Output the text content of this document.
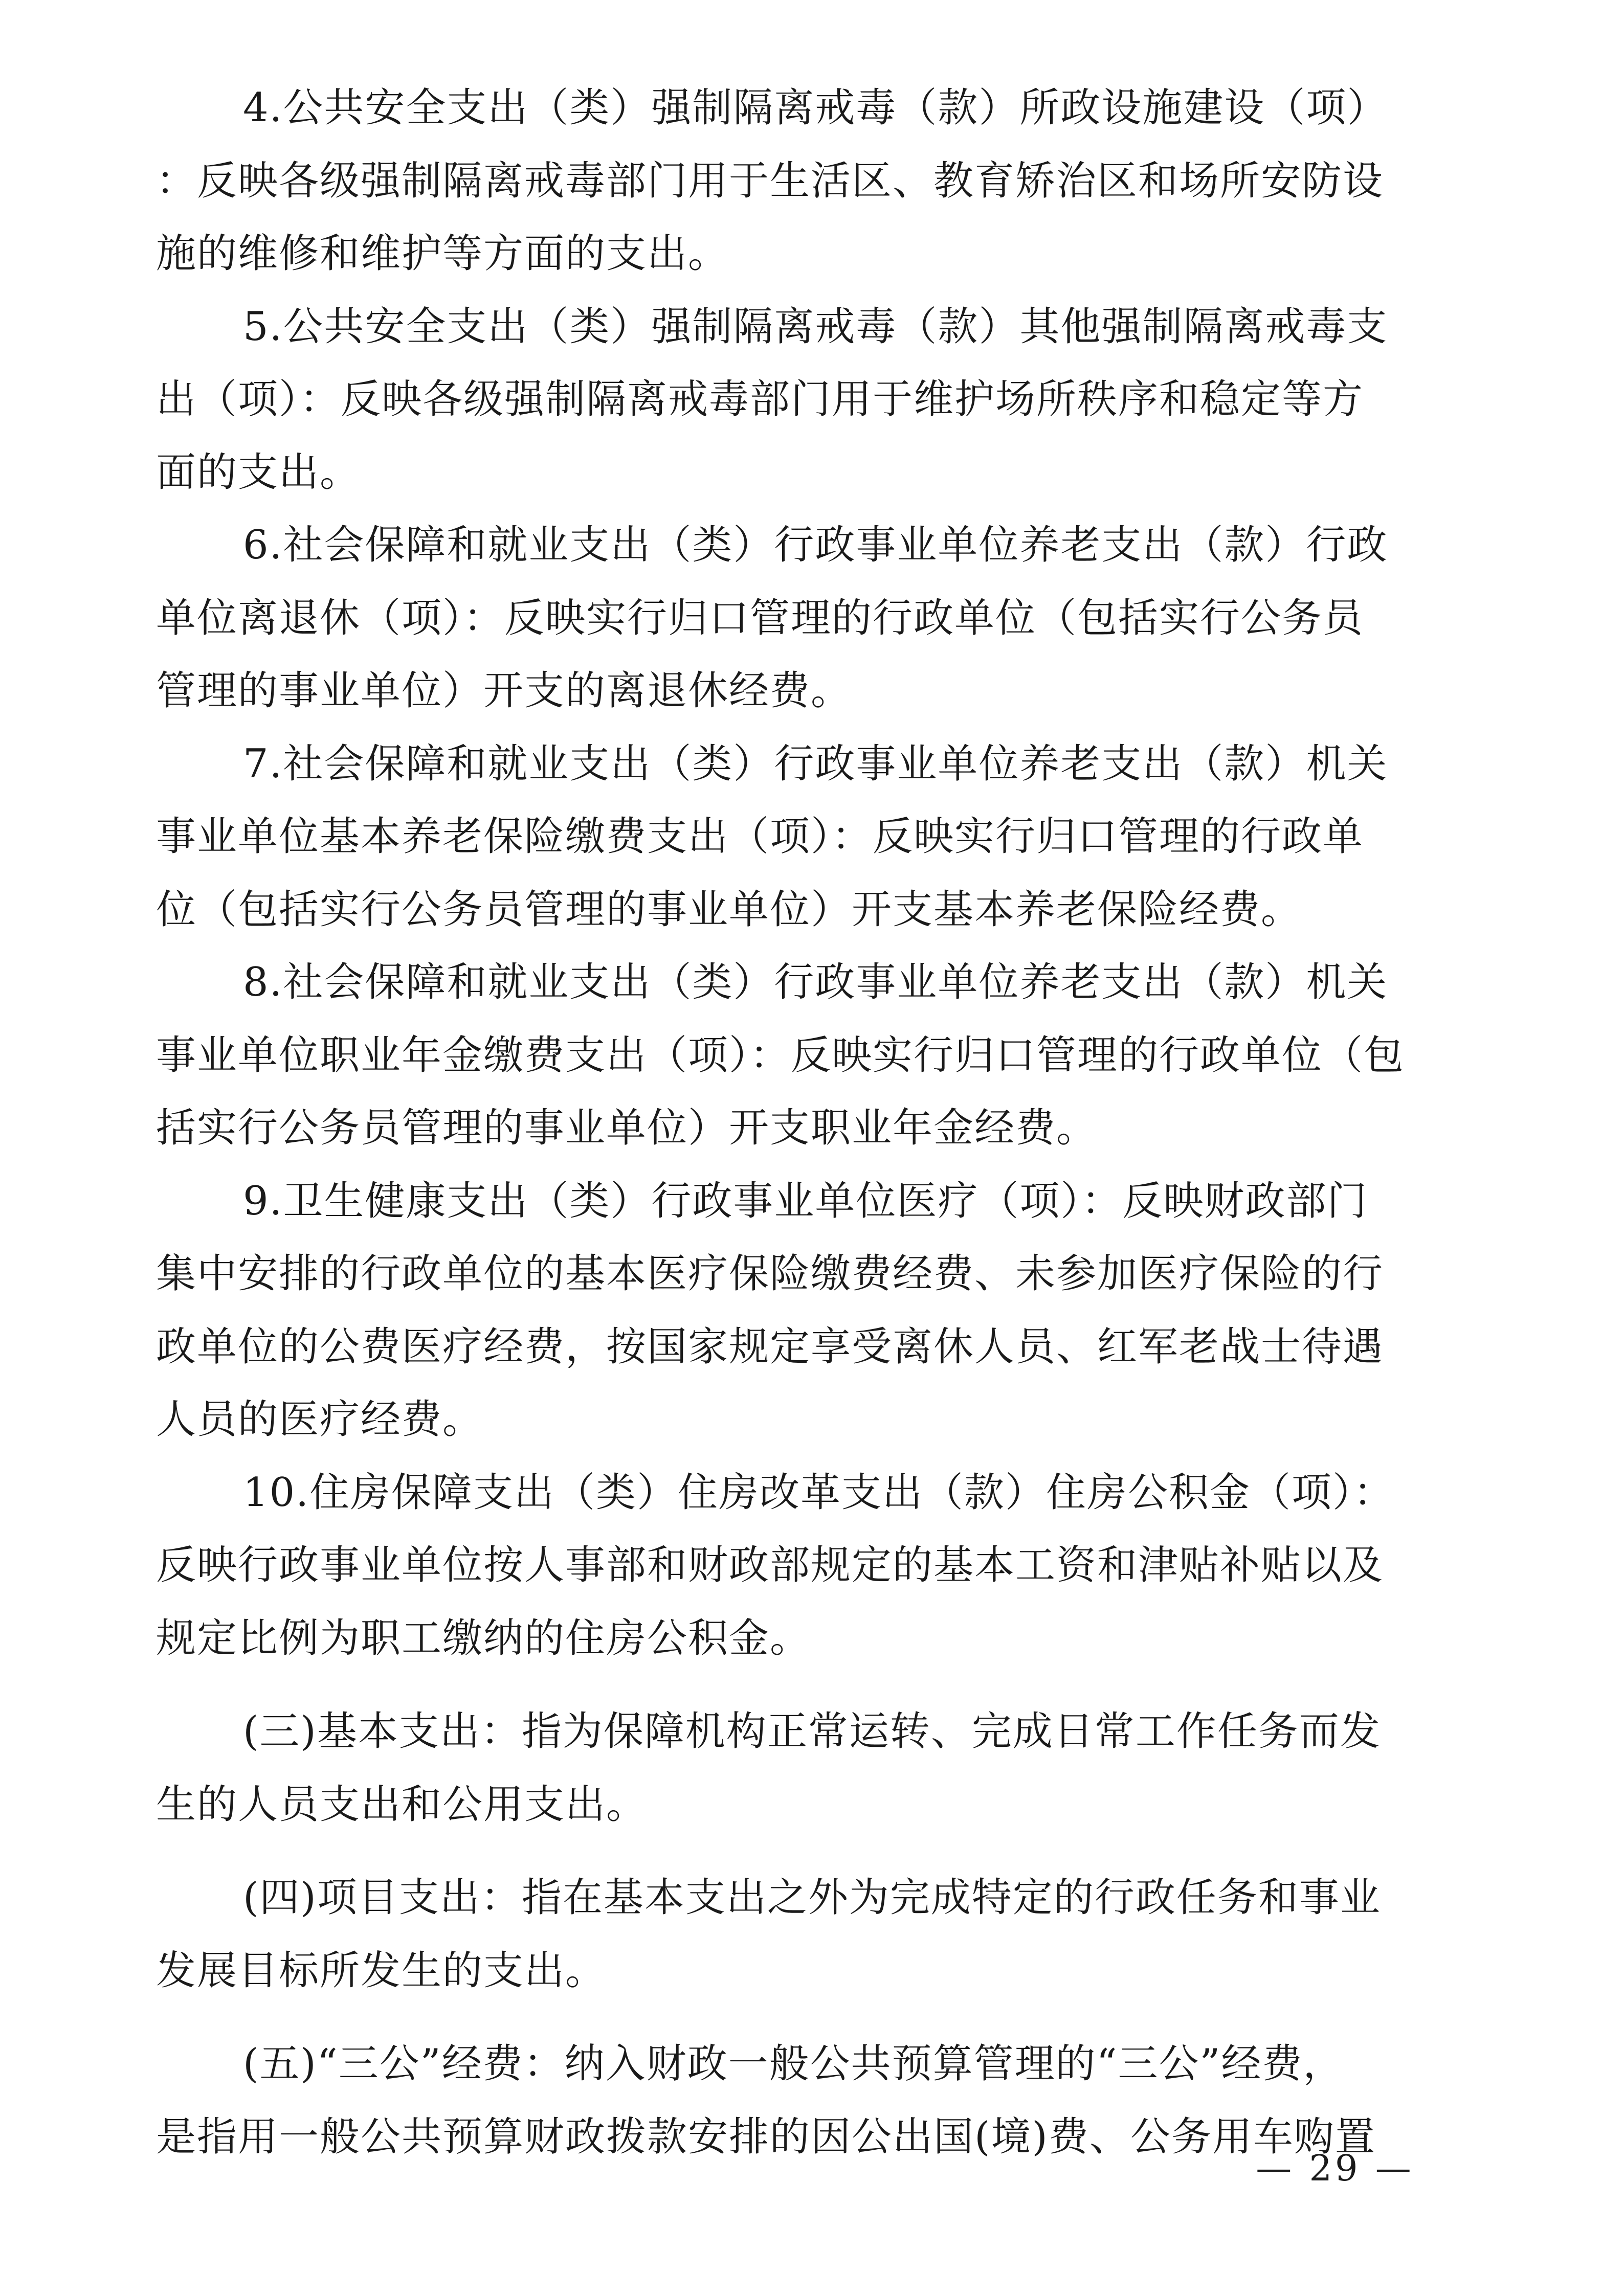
4.公共安全支出（类）强制隔离戒毒（款）所政设施建设（项）
：反映各级强制隔离戒毒部门用于生活区、教育矫治区和场所安防设
施的维修和维护等方面的支出。
5.公共安全支出（类）强制隔离戒毒（款）其他强制隔离戒毒支
出（项）：反映各级强制隔离戒毒部门用于维护场所秩序和稳定等方
面的支出。
6.社会保障和就业支出（类）行政事业单位养老支出（款）行政
单位离退休（项）：反映实行归口管理的行政单位（包括实行公务员
管理的事业单位）开支的离退休经费。
7.社会保障和就业支出（类）行政事业单位养老支出（款）机关
事业单位基本养老保险缴费支出（项）：反映实行归口管理的行政单
位（包括实行公务员管理的事业单位）开支基本养老保险经费。
8.社会保障和就业支出（类）行政事业单位养老支出（款）机关
事业单位职业年金缴费支出（项）：反映实行归口管理的行政单位（包
括实行公务员管理的事业单位）开支职业年金经费。
9.卫生健康支出（类）行政事业单位医疗（项）：反映财政部门
集中安排的行政单位的基本医疗保险缴费经费、未参加医疗保险的行
政单位的公费医疗经费，按国家规定享受离休人员、红军老战士待遇
人员的医疗经费。
10.住房保障支出（类）住房改革支出（款）住房公积金（项）：
反映行政事业单位按人事部和财政部规定的基本工资和津贴补贴以及
规定比例为职工缴纳的住房公积金。
(三)基本支出：指为保障机构正常运转、完成日常工作任务而发
生的人员支出和公用支出。
(四)项目支出：指在基本支出之外为完成特定的行政任务和事业
发展目标所发生的支出。
(五)“三公”经费：纳入财政一般公共预算管理的“三公”经费，
是指用一般公共预算财政拨款安排的因公出国(境)费、公务用车购置
— 29 —
